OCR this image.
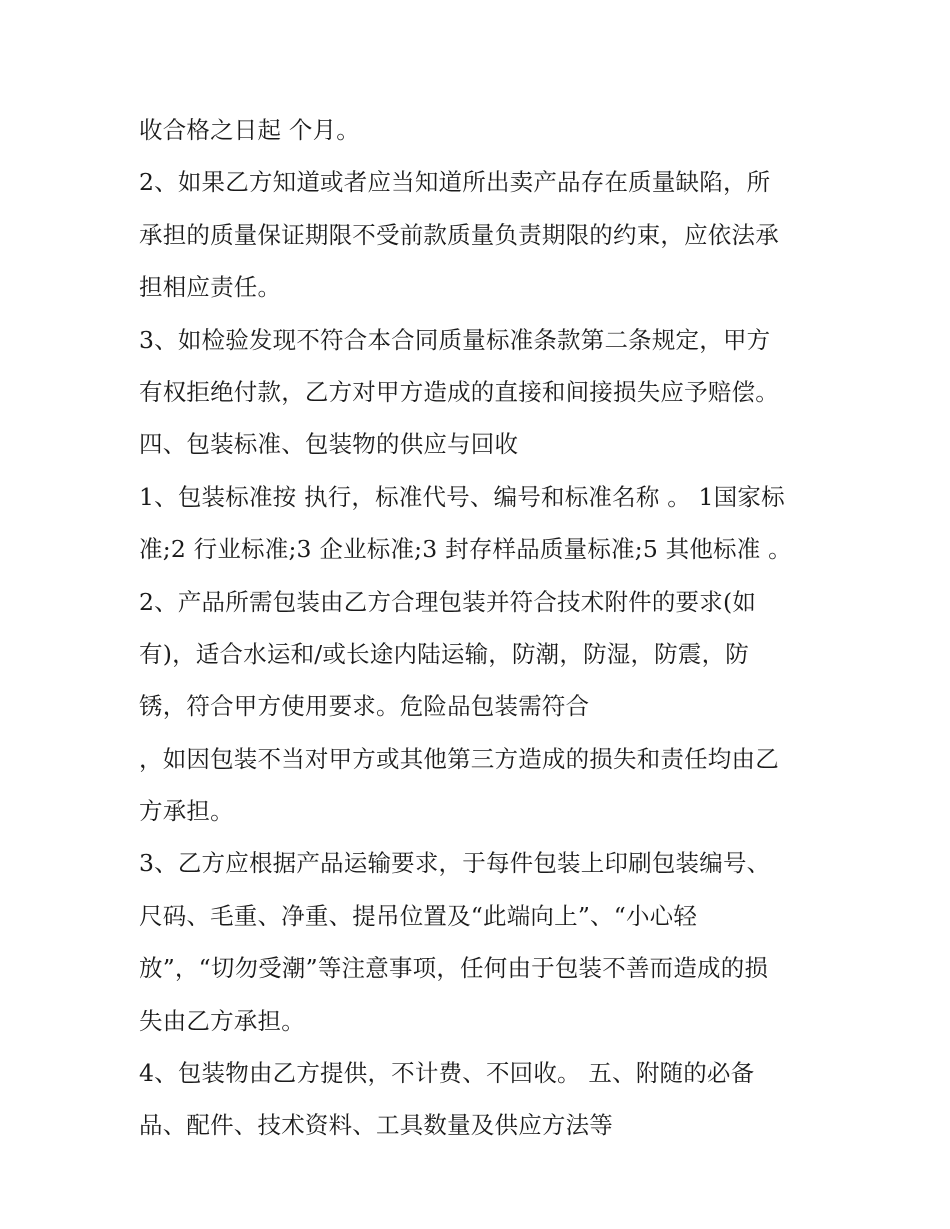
收合格之日起 个月。
2、如果乙方知道或者应当知道所出卖产品存在质量缺陷，所
承担的质量保证期限不受前款质量负责期限的约束，应依法承
担相应责任。
3、如检验发现不符合本合同质量标准条款第二条规定，甲方
有权拒绝付款，乙方对甲方造成的直接和间接损失应予赔偿。
四、包装标准、包装物的供应与回收
1、包装标准按 执行，标准代号、编号和标准名称 。 1国家标
准;2 行业标准;3 企业标准;3 封存样品质量标准;5 其他标准 。
2、产品所需包装由乙方合理包装并符合技术附件的要求(如
有)，适合水运和/或长途内陆运输，防潮，防湿，防震，防
锈，符合甲方使用要求。危险品包装需符合
，如因包装不当对甲方或其他第三方造成的损失和责任均由乙
方承担。
3、乙方应根据产品运输要求，于每件包装上印刷包装编号、
尺码、毛重、净重、提吊位置及“此端向上”、“小心轻
放”，“切勿受潮”等注意事项，任何由于包装不善而造成的损
失由乙方承担。
4、包装物由乙方提供，不计费、不回收。 五、附随的必备
品、配件、技术资料、工具数量及供应方法等
